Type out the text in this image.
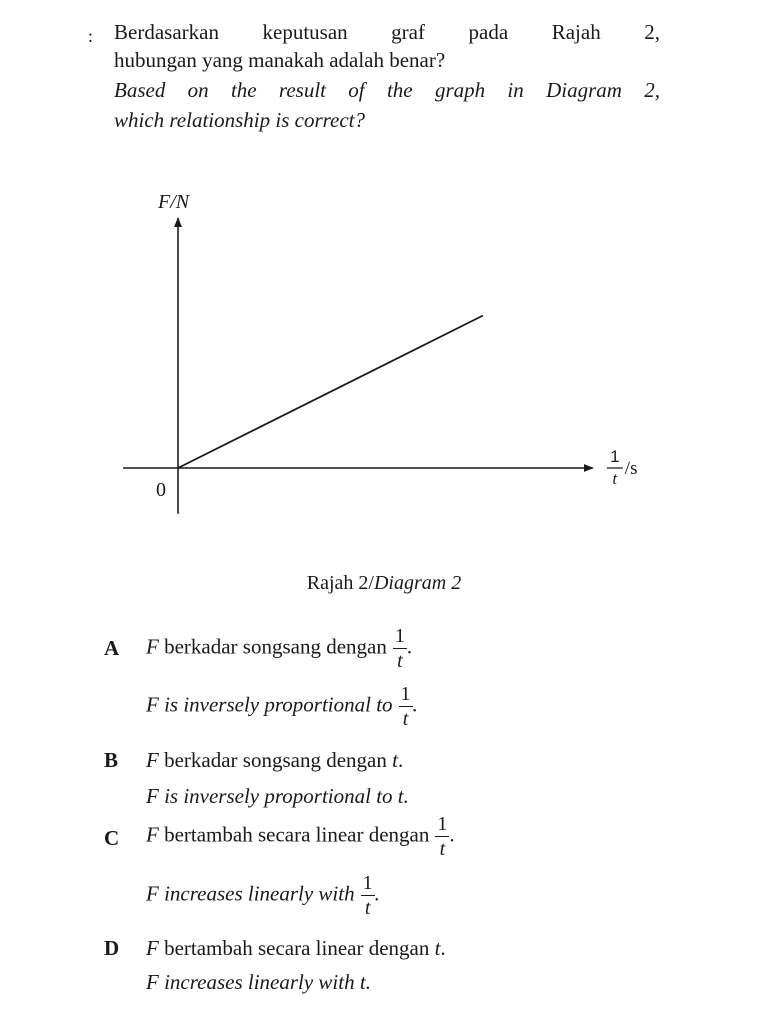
: Berdasarkan keputusan graf pada Rajah 2,
hubungan yang manakah adalah benar?
Based on the result of the graph in Diagram 2,
which relationship is correct?
F/N
0
1
t /s
Rajah 2/Diagram 2
A F berkadar songsang dengan $\frac{1}{t}$ .
F is inversely proportional to $\frac{1}{t}$ .
B F berkadar songsang dengan t.
F is inversely proportional to t.
C F bertambah secara linear dengan $\frac{1}{t}$ .
F increases linearly with $\frac{1}{t}$ .
D F bertambah secara linear dengan t.
F increases linearly with t.
